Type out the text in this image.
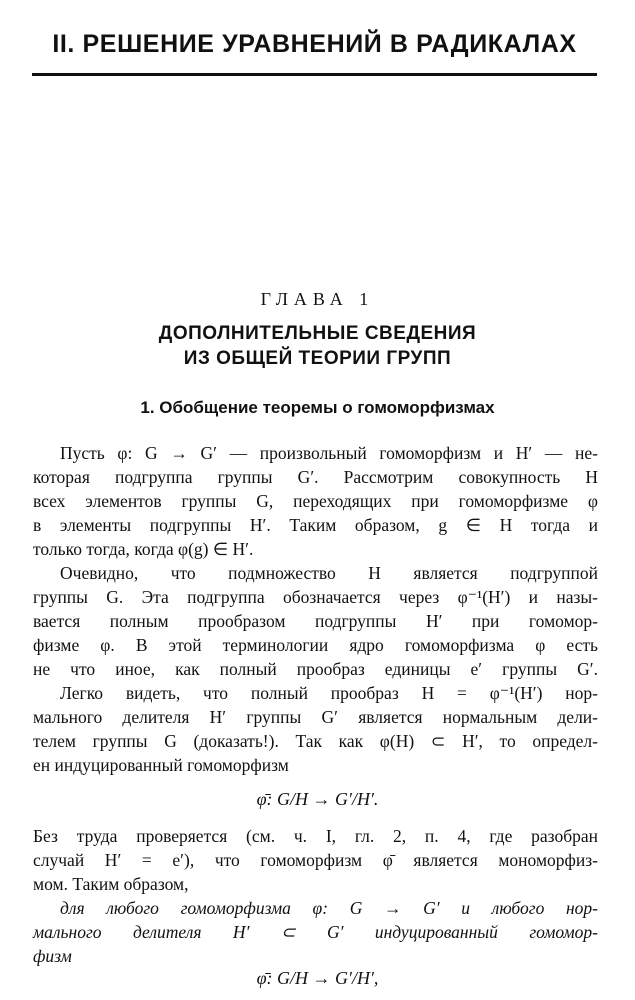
II. РЕШЕНИЕ УРАВНЕНИЙ В РАДИКАЛАХ
ГЛАВА 1
ДОПОЛНИТЕЛЬНЫЕ СВЕДЕНИЯ
ИЗ ОБЩЕЙ ТЕОРИИ ГРУПП
1. Обобщение теоремы о гомоморфизмах
Пусть φ: G → G′ — произвольный гомоморфизм и H′ — не-
которая подгруппа группы G′. Рассмотрим совокупность H
всех элементов группы G, переходящих при гомоморфизме φ
в элементы подгруппы H′. Таким образом, g ∈ H тогда и
только тогда, когда φ(g) ∈ H′.
Очевидно, что подмножество H является подгруппой
группы G. Эта подгруппа обозначается через φ⁻¹(H′) и назы-
вается полным прообразом подгруппы H′ при гомомор-
физме φ. В этой терминологии ядро гомоморфизма φ есть
не что иное, как полный прообраз единицы e′ группы G′.
Легко видеть, что полный прообраз H = φ⁻¹(H′) нор-
мального делителя H′ группы G′ является нормальным дели-
телем группы G (доказать!). Так как φ(H) ⊂ H′, то определ-
ен индуцированный гомоморфизм
φ̄: G/H → G′/H′.
Без труда проверяется (см. ч. I, гл. 2, п. 4, где разобран
случай H′ = e′), что гомоморфизм φ̄ является мономорфиз-
мом. Таким образом,
для любого гомоморфизма φ: G → G′ и любого нор-
мального делителя H′ ⊂ G′ индуцированный гомомор-
физм
φ̄: G/H → G′/H′,
